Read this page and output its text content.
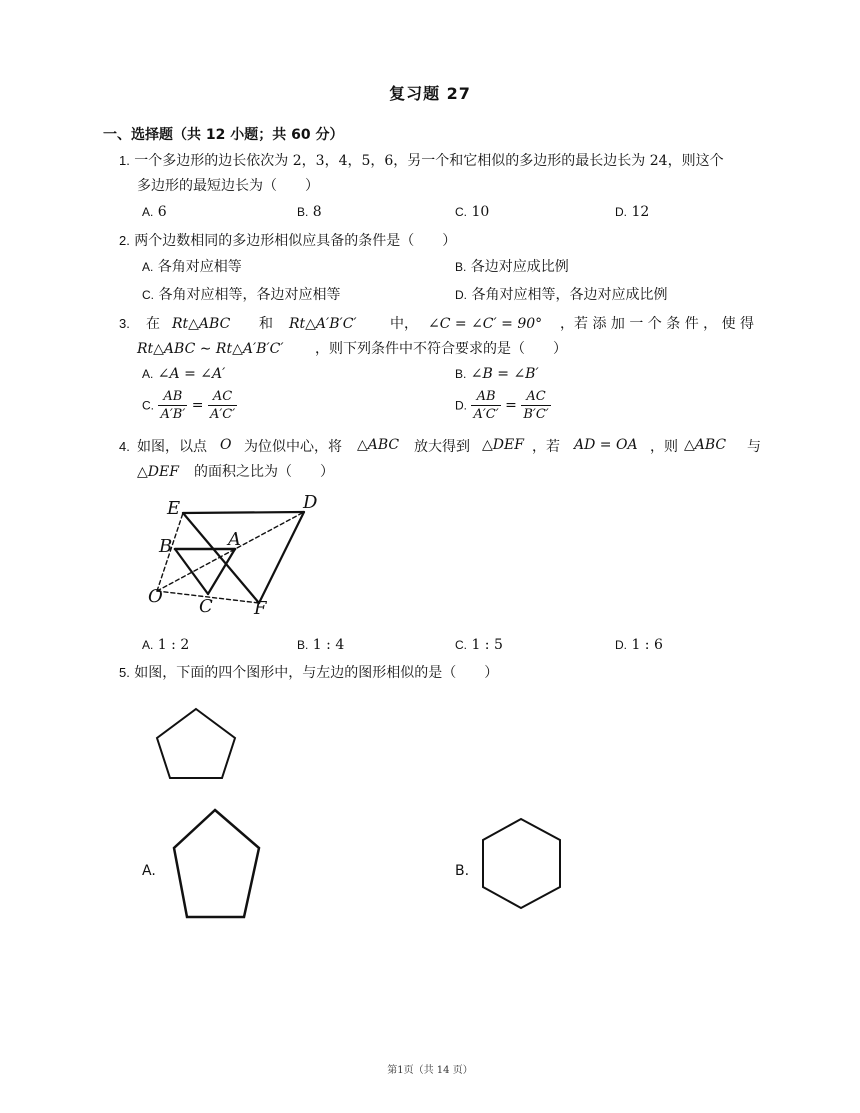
复习题 27
一、选择题（共 12 小题；共 60 分）
1. 一个多边形的边长依次为 2，3，4，5，6，另一个和它相似的多边形的最长边长为 24，则这个
多边形的最短边长为（　　）
A. 6	B. 8	C. 10	D. 12
2. 两个边数相同的多边形相似应具备的条件是（　　）
A. 各角对应相等	B. 各边对应成比例
C. 各角对应相等，各边对应相等	D. 各角对应相等，各边对应成比例
3. 在 Rt△ABC 和 Rt△A′B′C′ 中， ∠C = ∠C′ = 90° ，若 添 加 一 个 条 件 ， 使 得
Rt△ABC ∼ Rt△A′B′C′ ，则下列条件中不符合要求的是（　　）
A. ∠A = ∠A′	B. ∠B = ∠B′
C. $\frac{AB}{A'B'} = \frac{AC}{A'C'}$	D. $\frac{AB}{A'C'} = \frac{AC}{B'C'}$
4. 如图，以点 O 为位似中心，将 △ABC 放大得到 △DEF ，若 AD = OA ，则 △ABC 与
△DEF 的面积之比为（　　）
E	D
B	A
O C F
A. 1 : 2	B. 1 : 4	C. 1 : 5	D. 1 : 6
5. 如图，下面的四个图形中，与左边的图形相似的是（　　）
A.	B.
第1页（共 14 页）
